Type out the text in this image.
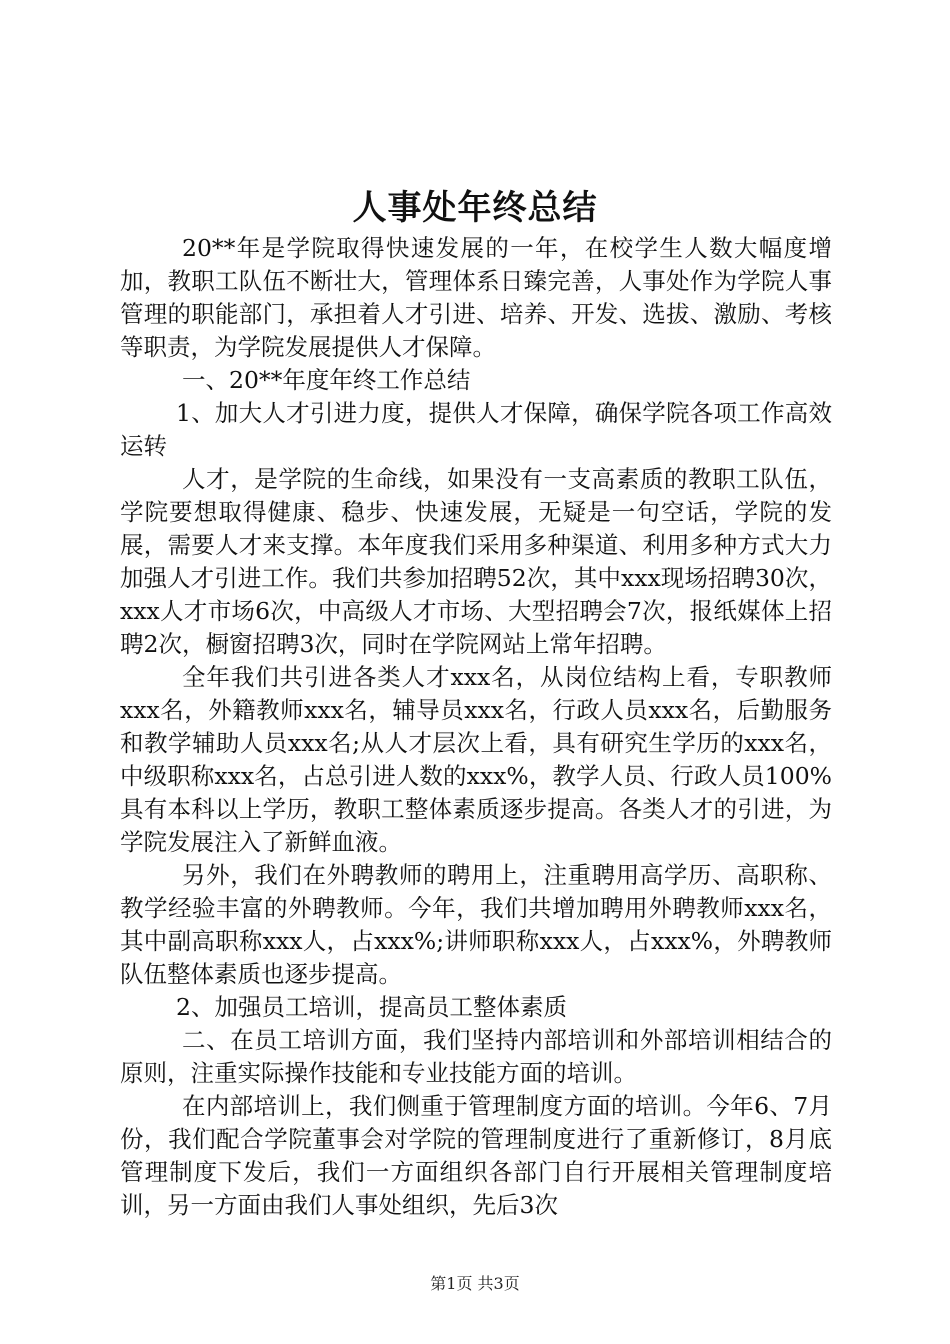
人事处年终总结

20**年是学院取得快速发展的一年，在校学生人数大幅度增加，教职工队伍不断壮大，管理体系日臻完善，人事处作为学院人事管理的职能部门，承担着人才引进、培养、开发、选拔、激励、考核等职责，为学院发展提供人才保障。

一、20**年度年终工作总结

1、加大人才引进力度，提供人才保障，确保学院各项工作高效运转

人才，是学院的生命线，如果没有一支高素质的教职工队伍，学院要想取得健康、稳步、快速发展，无疑是一句空话，学院的发展，需要人才来支撑。本年度我们采用多种渠道、利用多种方式大力加强人才引进工作。我们共参加招聘52次，其中xxx现场招聘30次，xxx人才市场6次，中高级人才市场、大型招聘会7次，报纸媒体上招聘2次，橱窗招聘3次，同时在学院网站上常年招聘。

全年我们共引进各类人才xxx名，从岗位结构上看，专职教师xxx名，外籍教师xxx名，辅导员xxx名，行政人员xxx名，后勤服务和教学辅助人员xxx名;从人才层次上看，具有研究生学历的xxx名，中级职称xxx名，占总引进人数的xxx%，教学人员、行政人员100%具有本科以上学历，教职工整体素质逐步提高。各类人才的引进，为学院发展注入了新鲜血液。

另外，我们在外聘教师的聘用上，注重聘用高学历、高职称、教学经验丰富的外聘教师。今年，我们共增加聘用外聘教师xxx名，其中副高职称xxx人，占xxx%;讲师职称xxx人，占xxx%，外聘教师队伍整体素质也逐步提高。

2、加强员工培训，提高员工整体素质

二、在员工培训方面，我们坚持内部培训和外部培训相结合的原则，注重实际操作技能和专业技能方面的培训。

在内部培训上，我们侧重于管理制度方面的培训。今年6、7月份，我们配合学院董事会对学院的管理制度进行了重新修订，8月底管理制度下发后，我们一方面组织各部门自行开展相关管理制度培训，另一方面由我们人事处组织，先后3次

第1页 共3页
